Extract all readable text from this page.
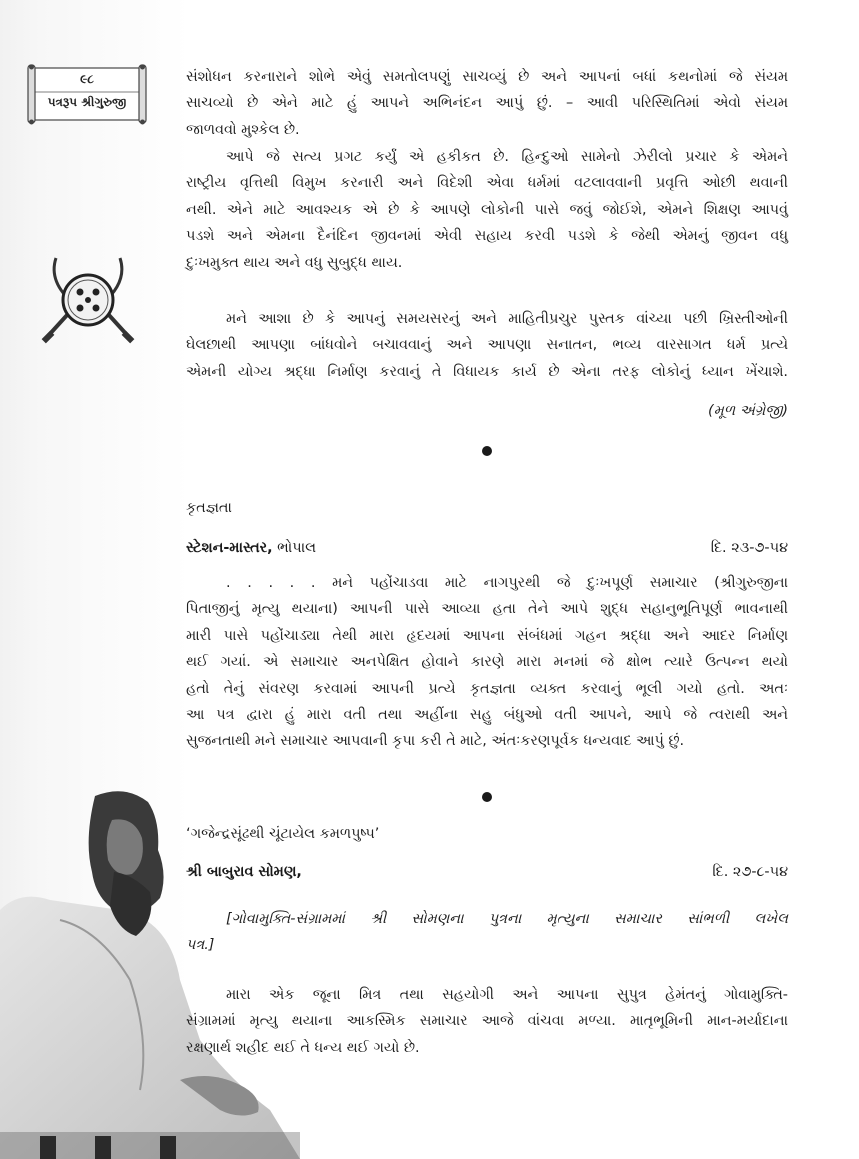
૯૮
પત્રરૂપ શ્રીગુરુજી
સંશોધન કરનારાને શોભે એવું સમતોલપણું સાચવ્યું છે અને આપનાં બધાં કથનોમાં જે સંયમ
સાચવ્યો છે એને માટે હું આપને અભિનંદન આપું છું. – આવી પરિસ્થિતિમાં એવો સંયમ
જાળવવો મુશ્કેલ છે.
આપે જે સત્ય પ્રગટ કર્યું એ હકીકત છે. હિન્દુઓ સામેનો ઝેરીલો પ્રચાર કે એમને
રાષ્ટ્રીય વૃત્તિથી વિમુખ કરનારી અને વિદેશી એવા ધર્મમાં વટલાવવાની પ્રવૃત્તિ ઓછી થવાની
નથી. એને માટે આવશ્યક એ છે કે આપણે લોકોની પાસે જવું જોઈશે, એમને શિક્ષણ આપવું
પડશે અને એમના દૈનંદિન જીવનમાં એવી સહાય કરવી પડશે કે જેથી એમનું જીવન વધુ
દુઃખમુક્ત થાય અને વધુ સુબુદ્ધ થાય.
મને આશા છે કે આપનું સમયસરનું અને માહિતીપ્રચુર પુસ્તક વાંચ્યા પછી ખ્રિસ્તીઓની
ઘેલછાથી આપણા બાંધવોને બચાવવાનું અને આપણા સનાતન, ભવ્ય વારસાગત ધર્મ પ્રત્યે
એમની યોગ્ય શ્રદ્ધા નિર્માણ કરવાનું તે વિધાયક કાર્ય છે એના તરફ લોકોનું ધ્યાન ખેંચાશે.
(મૂળ અંગ્રેજી)
કૃતજ્ઞતા
સ્ટેશન-માસ્તર, ભોપાલ	દિ. ૨૩-૭-૫૪
. . . . . મને પહોંચાડવા માટે નાગપુરથી જે દુઃખપૂર્ણ સમાચાર (શ્રીગુરુજીના
પિતાજીનું મૃત્યુ થયાના) આપની પાસે આવ્યા હતા તેને આપે શુદ્ધ સહાનુભૂતિપૂર્ણ ભાવનાથી
મારી પાસે પહોંચાડ્યા તેથી મારા હૃદયમાં આપના સંબંધમાં ગહન શ્રદ્ધા અને આદર નિર્માણ
થઈ ગયાં. એ સમાચાર અનપેક્ષિત હોવાને કારણે મારા મનમાં જે ક્ષોભ ત્યારે ઉત્પન્ન થયો
હતો તેનું સંવરણ કરવામાં આપની પ્રત્યે કૃતજ્ઞતા વ્યક્ત કરવાનું ભૂલી ગયો હતો. અતઃ
આ પત્ર દ્વારા હું મારા વતી તથા અહીંના સહુ બંધુઓ વતી આપને, આપે જે ત્વરાથી અને
સુજનતાથી મને સમાચાર આપવાની કૃપા કરી તે માટે, અંતઃકરણપૂર્વક ધન્યવાદ આપું છું.
‘ગજેન્દ્રસૂંઢથી ચૂંટાયેલ કમળપુષ્પ’
શ્રી બાબુરાવ સોમણ,	દિ. ૨૭-૮-૫૪
[ગોવામુક્તિ-સંગ્રામમાં શ્રી સોમણના પુત્રના મૃત્યુના સમાચાર સાંભળી લખેલ
પત્ર.]
મારા એક જૂના મિત્ર તથા સહયોગી અને આપના સુપુત્ર હેમંતનું ગોવામુક્તિ-
સંગ્રામમાં મૃત્યુ થયાના આકસ્મિક સમાચાર આજે વાંચવા મળ્યા. માતૃભૂમિની માન-મર્યાદાના
રક્ષણાર્થ શહીદ થઈ તે ધન્ય થઈ ગયો છે.
